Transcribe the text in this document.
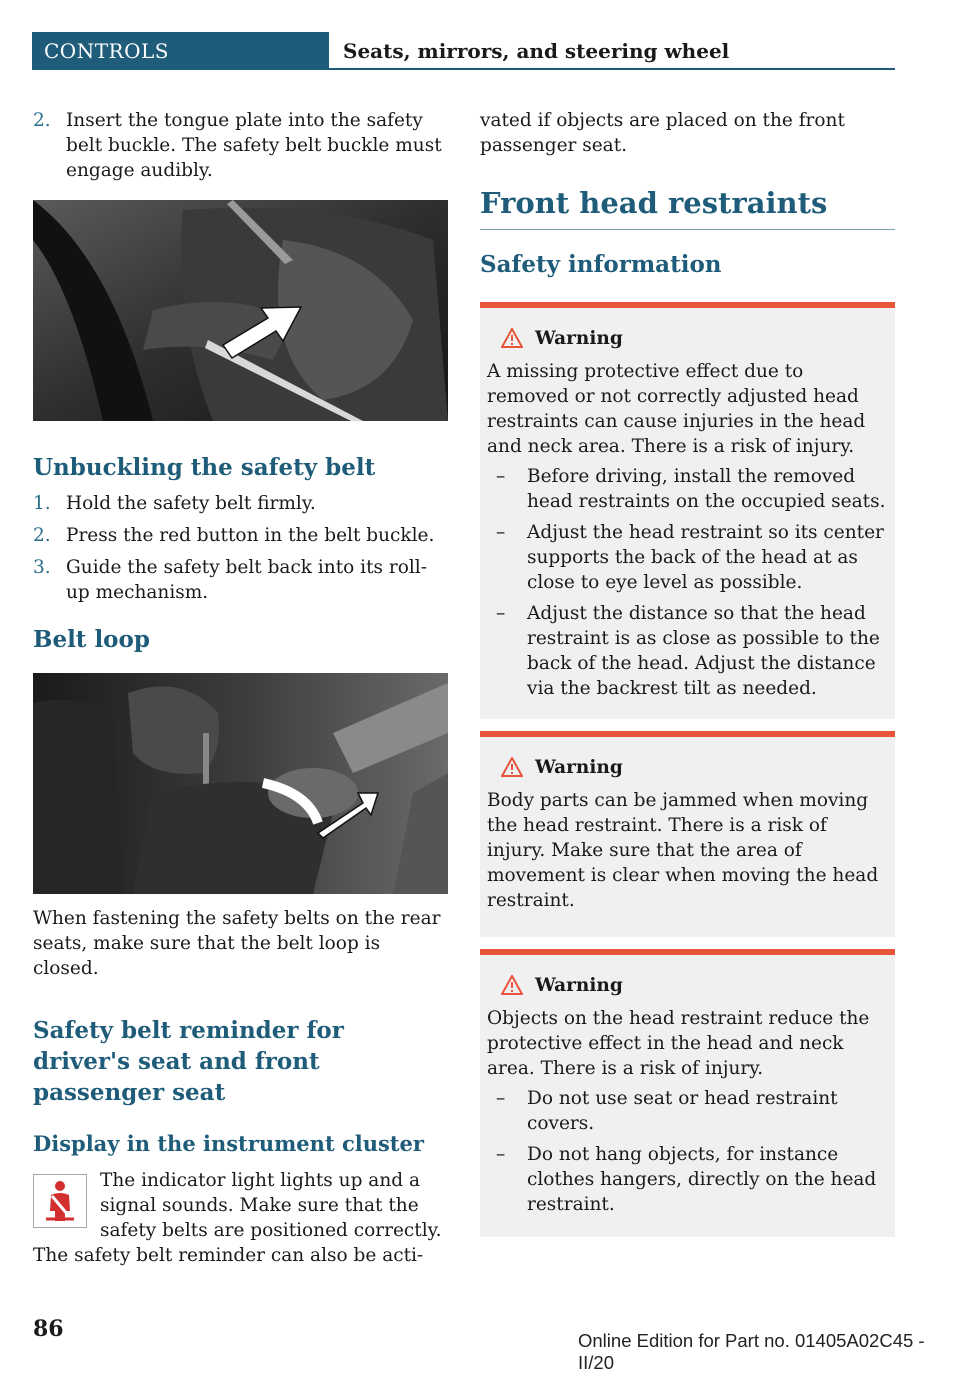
CONTROLS	Seats, mirrors, and steering wheel
2. Insert the tongue plate into the safety belt buckle. The safety belt buckle must engage audibly.
Unbuckling the safety belt
1. Hold the safety belt firmly.
2. Press the red button in the belt buckle.
3. Guide the safety belt back into its roll-up mechanism.
Belt loop

When fastening the safety belts on the rear seats, make sure that the belt loop is closed.

Safety belt reminder for driver's seat and front passenger seat
Display in the instrument cluster

The indicator light lights up and a

signal sounds. Make sure that the

safety belts are positioned correctly.

The safety belt reminder can also be acti-

vated if objects are placed on the front passenger seat.

Front head restraints
Safety information
Warning

A missing protective effect due to removed or not correctly adjusted head restraints can cause injuries in the head and neck area. There is a risk of injury.

– Before driving, install the removed head restraints on the occupied seats.
– Adjust the head restraint so its center supports the back of the head at as close to eye level as possible.
– Adjust the distance so that the head restraint is as close as possible to the back of the head. Adjust the distance via the backrest tilt as needed.
Warning

Body parts can be jammed when moving the head restraint. There is a risk of injury. Make sure that the area of movement is clear when moving the head restraint.

Warning

Objects on the head restraint reduce the protective effect in the head and neck area. There is a risk of injury.

– Do not use seat or head restraint covers.
– Do not hang objects, for instance clothes hangers, directly on the head restraint.
86	Online Edition for Part no. 01405A02C45 - II/20
